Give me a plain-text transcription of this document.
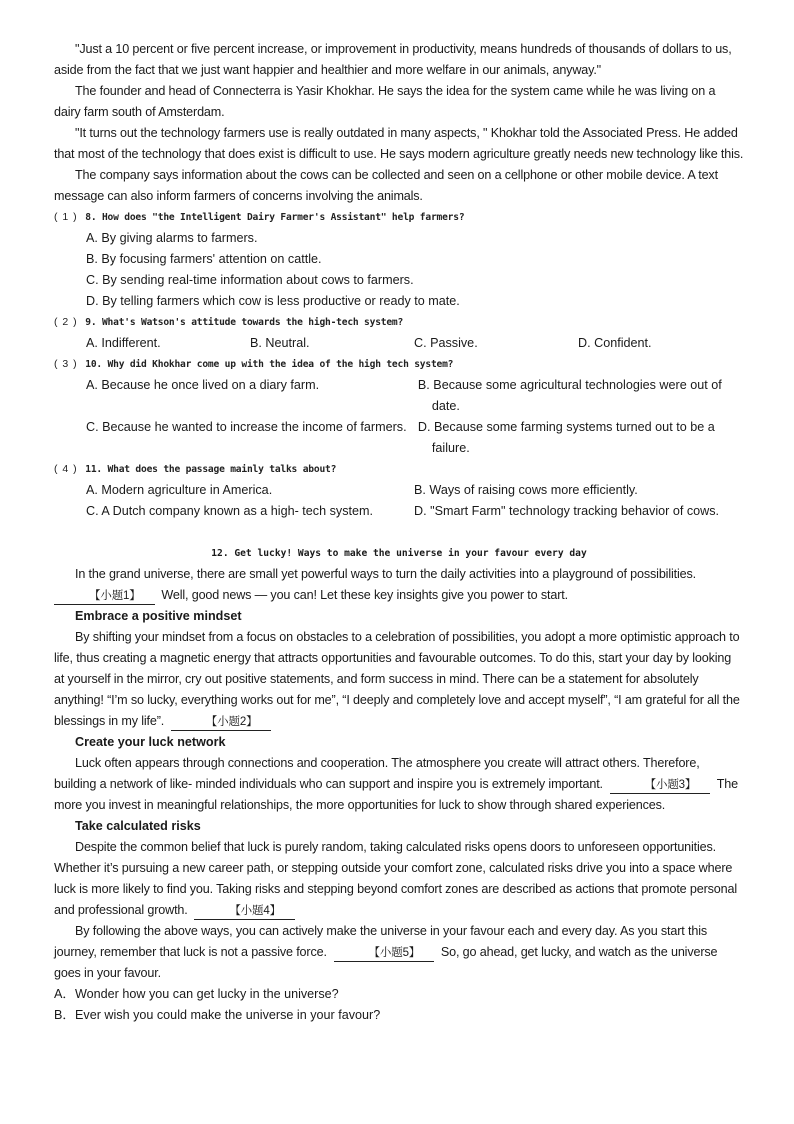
"Just a 10 percent or five percent increase, or improvement in productivity, means hundreds of thousands of dollars to us, aside from the fact that we just want happier and healthier and more welfare in our animals, anyway."

The founder and head of Connecterra is Yasir Khokhar. He says the idea for the system came while he was living on a dairy farm south of Amsterdam.

"It turns out the technology farmers use is really outdated in many aspects, " Khokhar told the Associated Press. He added that most of the technology that does exist is difficult to use. He says modern agriculture greatly needs new technology like this.

The company says information about the cows can be collected and seen on a cellphone or other mobile device. A text message can also inform farmers of concerns involving the animals.

( 1 ) 8. How does "the Intelligent Dairy Farmer's Assistant" help farmers?

A. By giving alarms to farmers.

B. By focusing farmers' attention on cattle.

C. By sending real-time information about cows to farmers.

D. By telling farmers which cow is less productive or ready to mate.

( 2 ) 9. What's Watson's attitude towards the high-tech system?

A. Indifferent.	B. Neutral.	C. Passive.	D. Confident.

( 3 ) 10. Why did Khokhar come up with the idea of the high tech system?

A. Because he once lived on a diary farm.	B. Because some agricultural technologies were out of date.
C. Because he wanted to increase the income of farmers. D. Because some farming systems turned out to be a failure.

( 4 ) 11. What does the passage mainly talks about?

A. Modern agriculture in America.	B. Ways of raising cows more efficiently.
C. A Dutch company known as a high- tech system.	D. "Smart Farm" technology tracking behavior of cows.

12. Get lucky! Ways to make the universe in your favour every day

In the grand universe, there are small yet powerful ways to turn the daily activities into a playground of possibilities.
【小题1】 Well, good news — you can! Let these key insights give you power to start.

Embrace a positive mindset

By shifting your mindset from a focus on obstacles to a celebration of possibilities, you adopt a more optimistic approach to life, thus creating a magnetic energy that attracts opportunities and favourable outcomes. To do this, start your day by looking at yourself in the mirror, cry out positive statements, and form success in mind. There can be a statement for absolutely anything! “I’m so lucky, everything works out for me”, “I deeply and completely love and accept myself”, “I am grateful for all the blessings in my life”.	【小题2】

Create your luck network

Luck often appears through connections and cooperation. The atmosphere you create will attract others. Therefore, building a network of like- minded individuals who can support and inspire you is extremely important.	【小题3】 The more you invest in meaningful relationships, the more opportunities for luck to show through shared experiences.

Take calculated risks

Despite the common belief that luck is purely random, taking calculated risks opens doors to unforeseen opportunities. Whether it’s pursuing a new career path, or stepping outside your comfort zone, calculated risks drive you into a space where luck is more likely to find you. Taking risks and stepping beyond comfort zones are described as actions that promote personal and professional growth.	【小题4】

By following the above ways, you can actively make the universe in your favour each and every day. As you start this journey, remember that luck is not a passive force.	【小题5】 So, go ahead, get lucky, and watch as the universe goes in your favour.

A．Wonder how you can get lucky in the universe?

B．Ever wish you could make the universe in your favour?
